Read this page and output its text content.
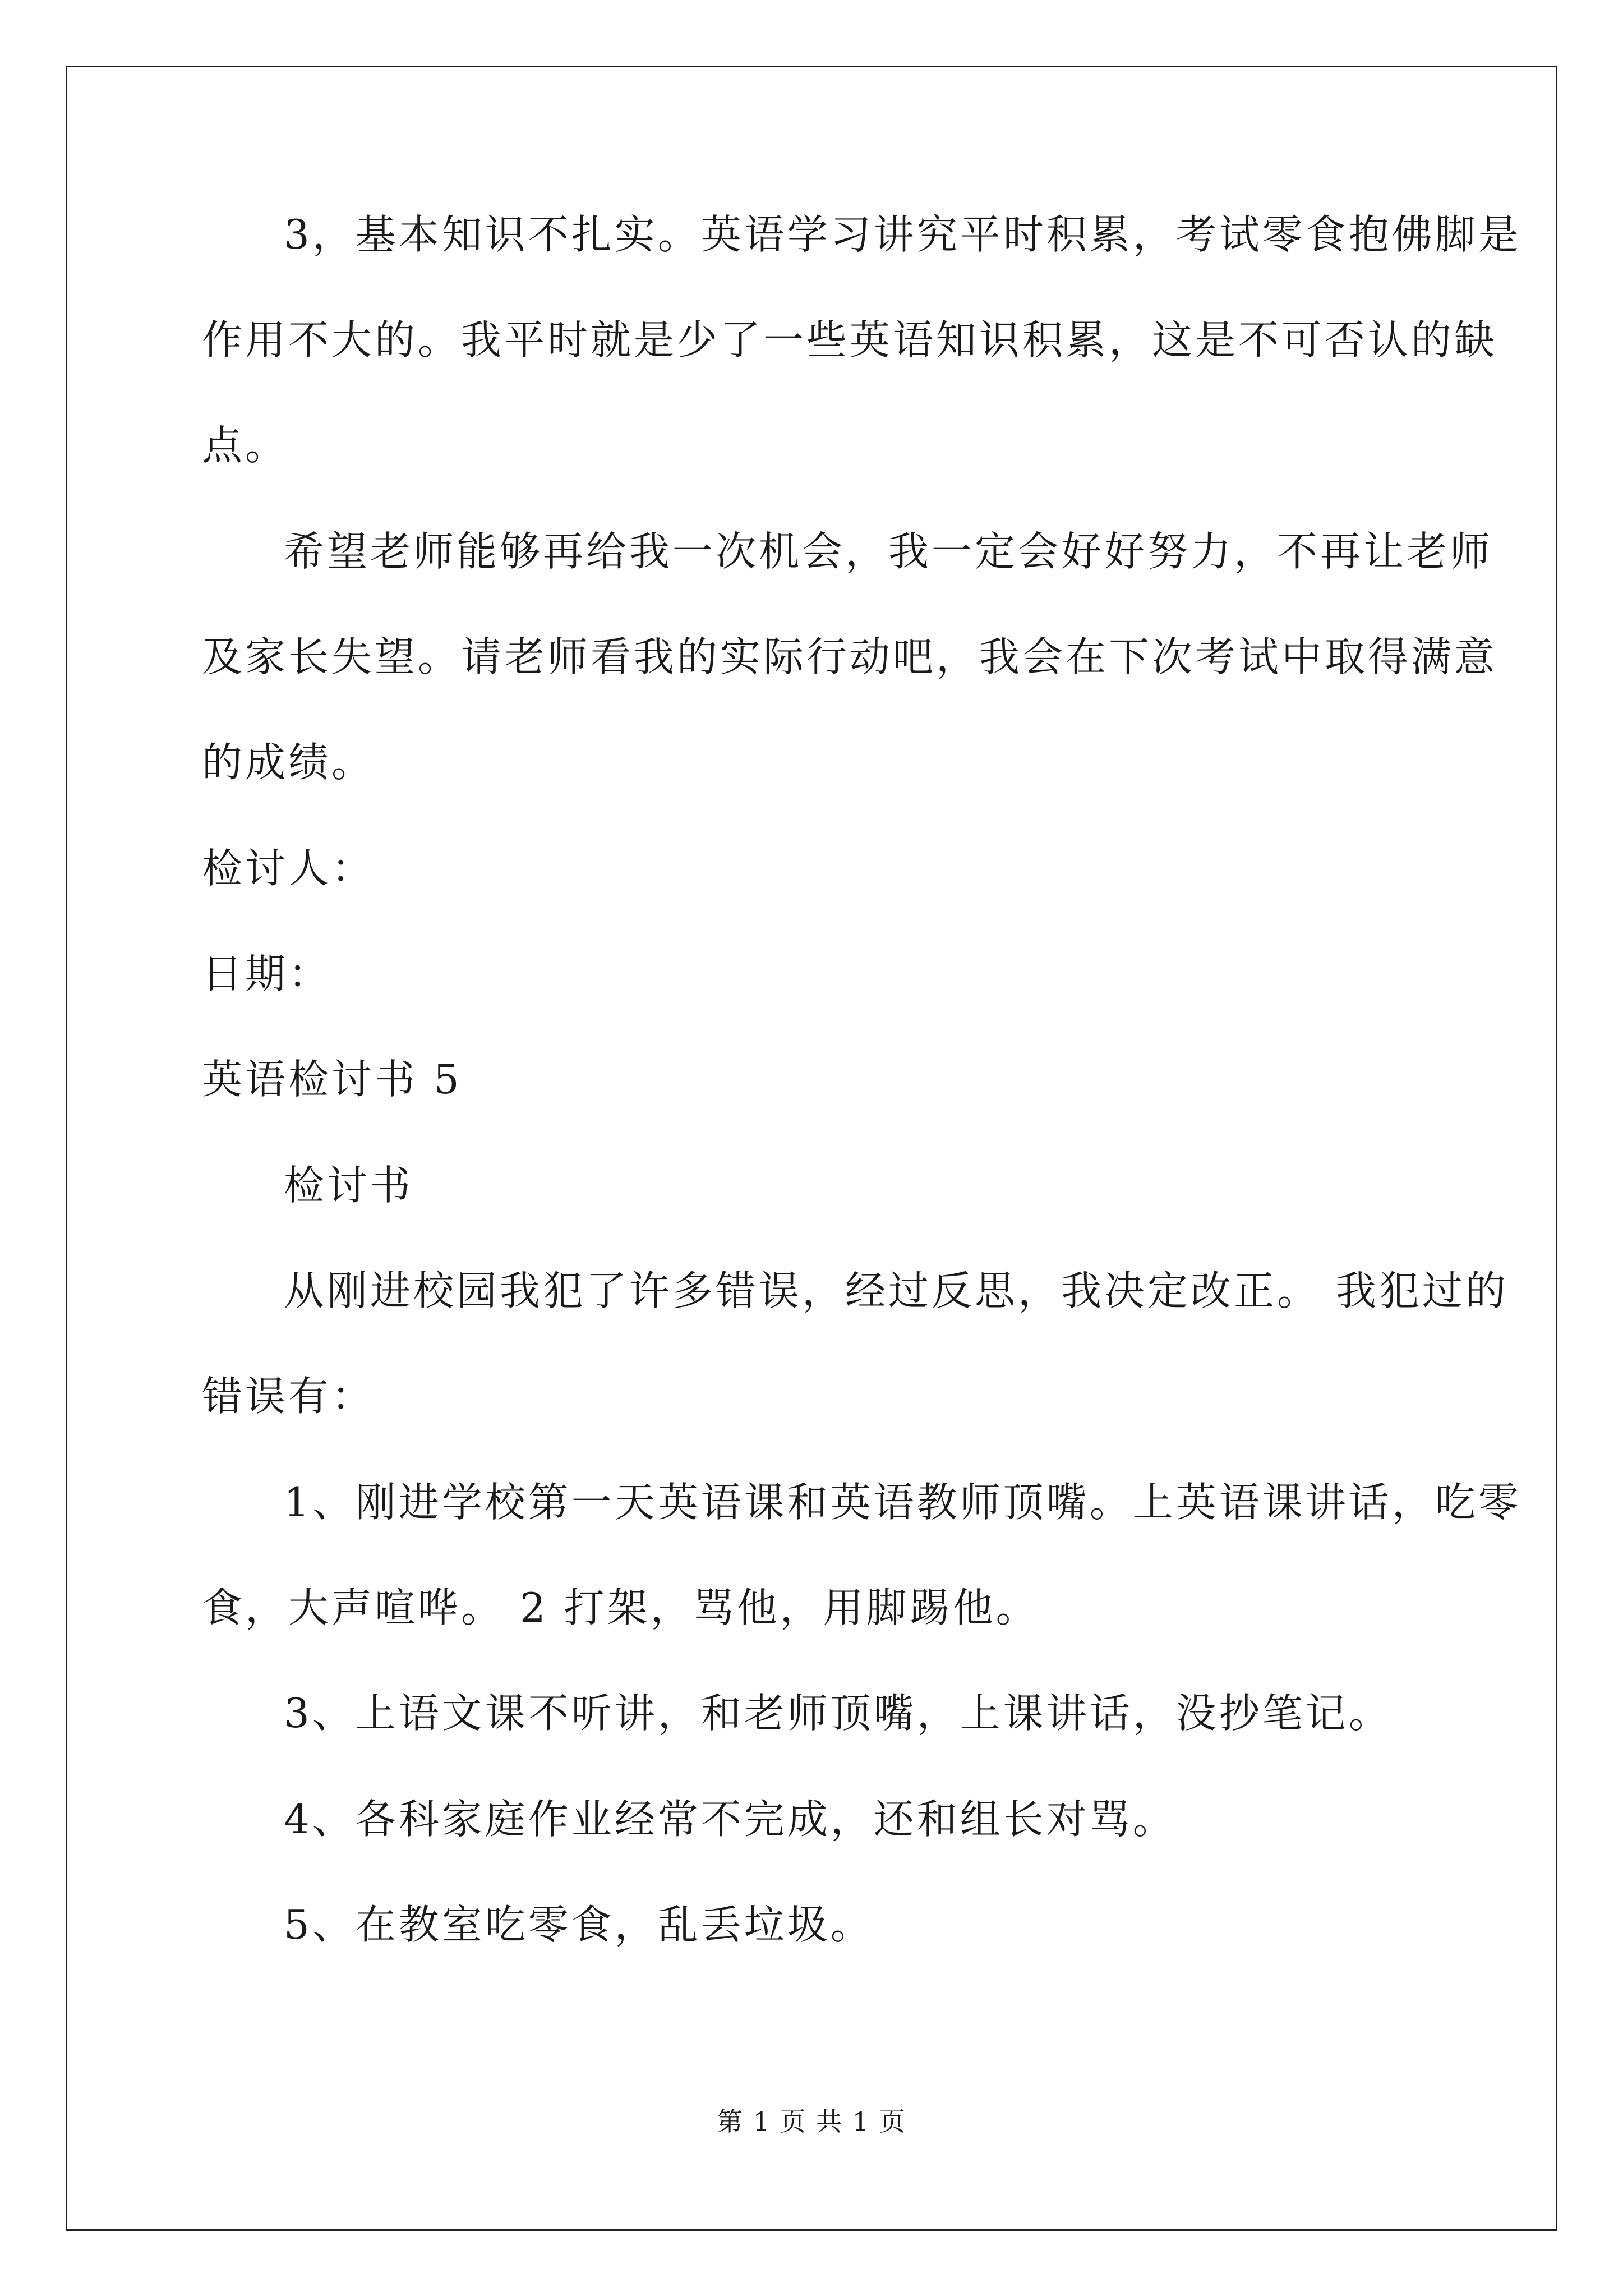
3，基本知识不扎实。英语学习讲究平时积累，考试零食抱佛脚是
作用不大的。我平时就是少了一些英语知识积累，这是不可否认的缺
点。
希望老师能够再给我一次机会，我一定会好好努力，不再让老师
及家长失望。请老师看我的实际行动吧，我会在下次考试中取得满意
的成绩。
检讨人：
日期：
英语检讨书 5
检讨书
从刚进校园我犯了许多错误，经过反思，我决定改正。 我犯过的
错误有：
1、刚进学校第一天英语课和英语教师顶嘴。上英语课讲话，吃零
食，大声喧哗。 2 打架，骂他，用脚踢他。
3、上语文课不听讲，和老师顶嘴，上课讲话，没抄笔记。
4、各科家庭作业经常不完成，还和组长对骂。
5、在教室吃零食，乱丢垃圾。
第 1 页 共 1 页
